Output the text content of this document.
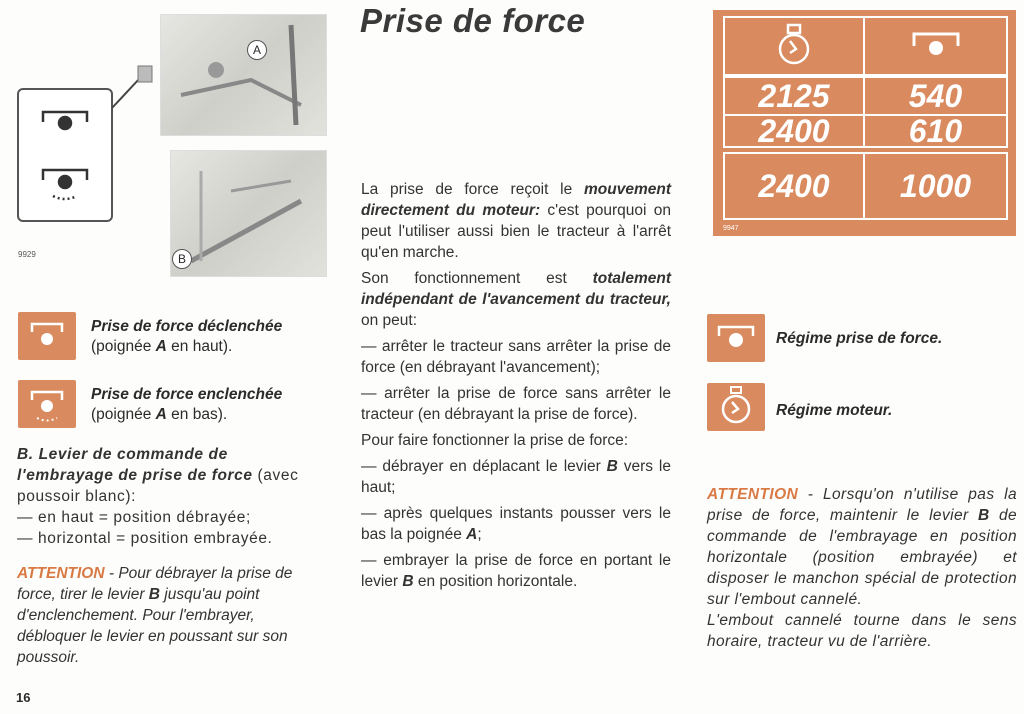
Prise de force
A
B
9929
Prise de force déclenchée
(poignée A en haut).
Prise de force enclenchée
(poignée A en bas).

B. Levier de commande de l'embrayage de prise de force (avec poussoir blanc):
— en haut = position débrayée;
— horizontal = position embrayée.

ATTENTION - Pour débrayer la prise de force, tirer le levier B jusqu'au point d'enclenchement. Pour l'embrayer, débloquer le levier en poussant sur son poussoir.

La prise de force reçoit le mouvement directement du moteur: c'est pourquoi on peut l'utiliser aussi bien le tracteur à l'arrêt qu'en marche.

Son fonctionnement est totalement indépendant de l'avancement du tracteur, on peut:

— arrêter le tracteur sans arrêter la prise de force (en débrayant l'avancement);

— arrêter la prise de force sans arrêter le tracteur (en débrayant la prise de force).

Pour faire fonctionner la prise de force:

— débrayer en déplacant le levier B vers le haut;

— après quelques instants pousser vers le bas la poignée A;

— embrayer la prise de force en portant le levier B en position horizontale.

2125	540
2400	610
2400	1000
9947
Régime prise de force.
Régime moteur.

ATTENTION - Lorsqu'on n'utilise pas la prise de force, maintenir le levier B de commande de l'embrayage en position horizontale (position embrayée) et disposer le manchon spécial de protection sur l'embout cannelé.

L'embout cannelé tourne dans le sens horaire, tracteur vu de l'arrière.

16
